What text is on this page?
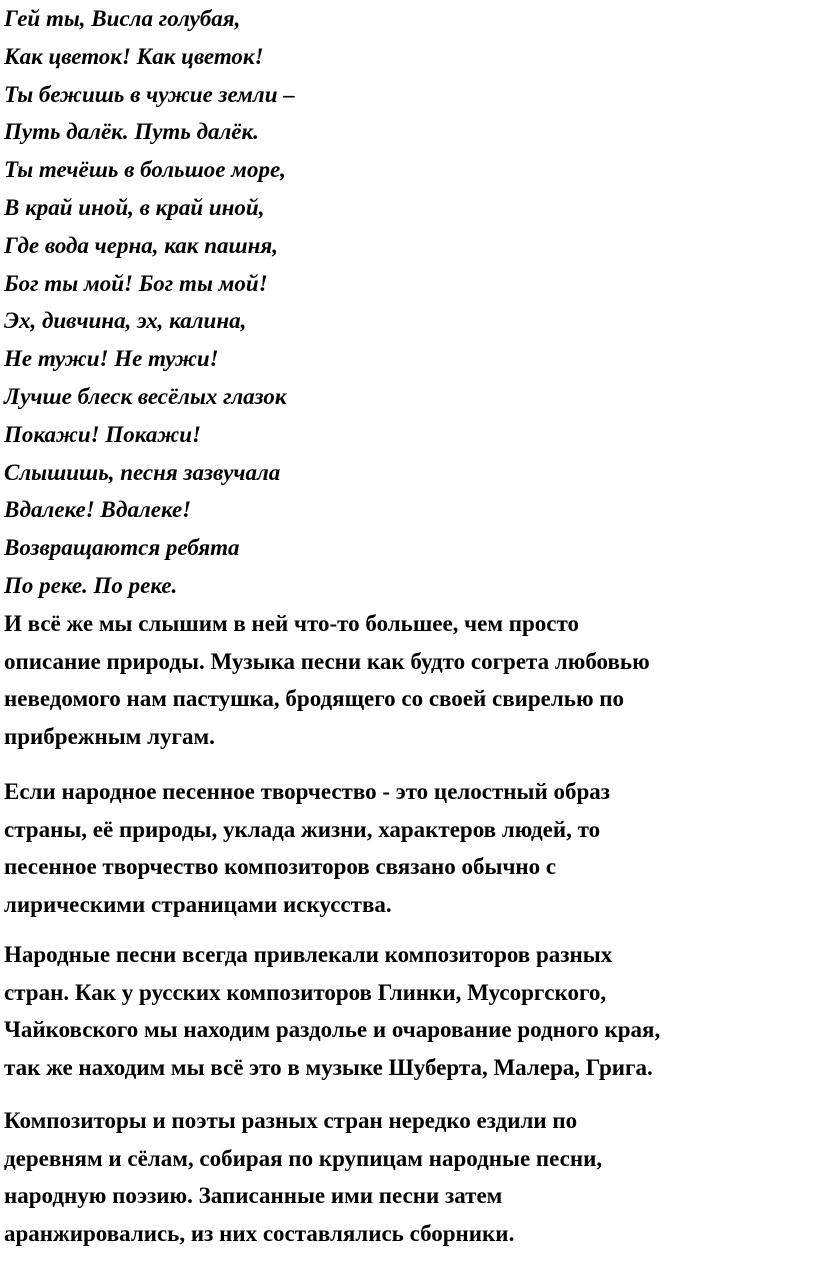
Гей ты, Висла голубая,
Как цветок! Как цветок!
Ты бежишь в чужие земли –
Путь далёк. Путь далёк.
Ты течёшь в большое море,
В край иной, в край иной,
Где вода черна, как пашня,
Бог ты мой! Бог ты мой!
Эх, дивчина, эх, калина,
Не тужи! Не тужи!
Лучше блеск весёлых глазок
Покажи! Покажи!
Слышишь, песня зазвучала
Вдалеке! Вдалеке!
Возвращаются ребята
По реке. По реке.

И всё же мы слышим в ней что-то большее, чем просто
описание природы. Музыка песни как будто согрета любовью
неведомого нам пастушка, бродящего со своей свирелью по
прибрежным лугам.

Если народное песенное творчество - это целостный образ
страны, её природы, уклада жизни, характеров людей, то
песенное творчество композиторов связано обычно с
лирическими страницами искусства.

Народные песни всегда привлекали композиторов разных
стран. Как у русских композиторов Глинки, Мусоргского,
Чайковского мы находим раздолье и очарование родного края,
так же находим мы всё это в музыке Шуберта, Малера, Грига.

Композиторы и поэты разных стран нередко ездили по
деревням и сёлам, собирая по крупицам народные песни,
народную поэзию. Записанные ими песни затем
аранжировались, из них составлялись сборники.
